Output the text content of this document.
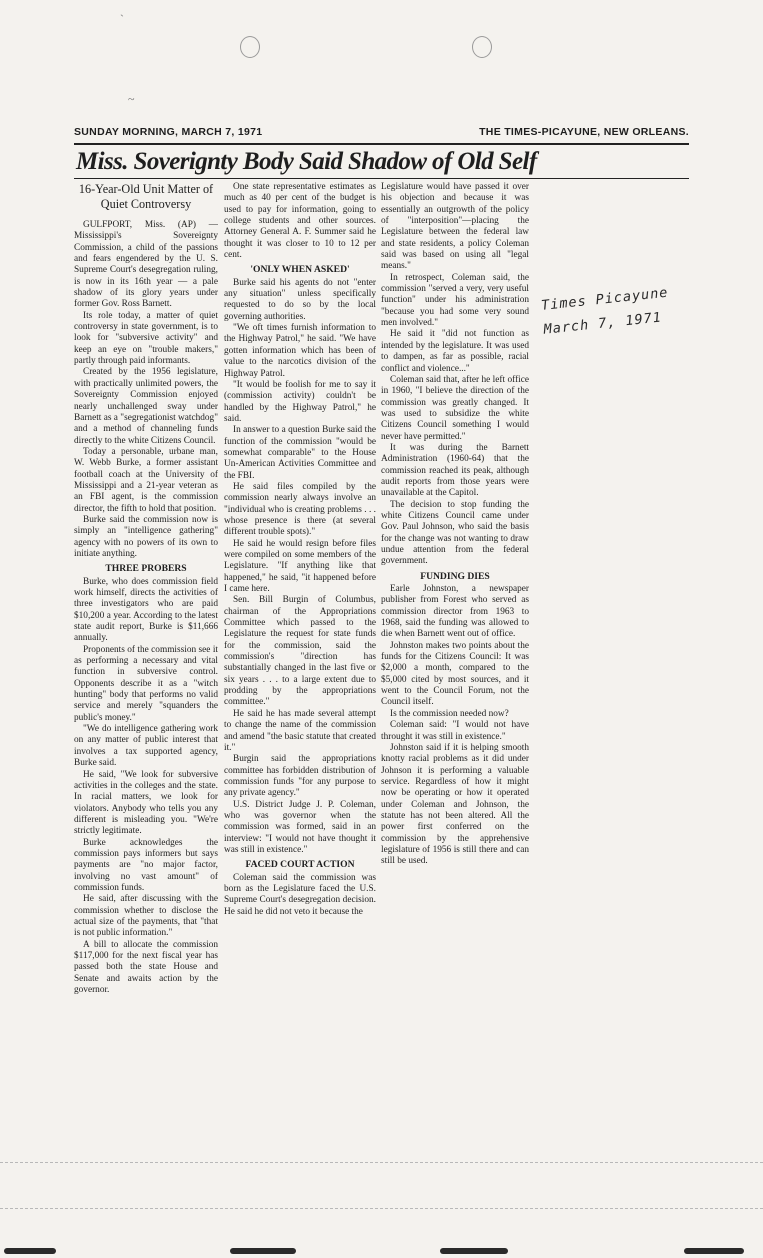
`
~
SUNDAY MORNING, MARCH 7, 1971	THE TIMES-PICAYUNE, NEW ORLEANS.
Miss. Soverignty Body Said Shadow of Old Self

16-Year-Old Unit Matter of Quiet Controversy

GULFPORT, Miss. (AP) — Mississippi's Sovereignty Commission, a child of the passions and fears engendered by the U. S. Supreme Court's desegregation ruling, is now in its 16th year — a pale shadow of its glory years under former Gov. Ross Barnett.

Its role today, a matter of quiet controversy in state government, is to look for "subversive activity" and keep an eye on "trouble makers," partly through paid informants.

Created by the 1956 legislature, with practically unlimited powers, the Sovereignty Commission enjoyed nearly unchallenged sway under Barnett as a "segregationist watchdog" and a method of channeling funds directly to the white Citizens Council.

Today a personable, urbane man, W. Webb Burke, a former assistant football coach at the University of Mississippi and a 21-year veteran as an FBI agent, is the commission director, the fifth to hold that position.

Burke said the commission now is simply an "intelligence gathering" agency with no powers of its own to initiate anything.

THREE PROBERS

Burke, who does commission field work himself, directs the activities of three investigators who are paid $10,200 a year. According to the latest state audit report, Burke is $11,666 annually.

Proponents of the commission see it as performing a necessary and vital function in subversive control. Opponents describe it as a "witch hunting" body that performs no valid service and merely "squanders the public's money."

"We do intelligence gathering work on any matter of public interest that involves a tax supported agency, Burke said.

He said, "We look for subversive activities in the colleges and the state. In racial matters, we look for violators. Anybody who tells you any different is misleading you. "We're strictly legitimate.

Burke acknowledges the commission pays informers but says payments are "no major factor, involving no vast amount" of commission funds.

He said, after discussing with the commission whether to disclose the actual size of the payments, that "that is not public information."

A bill to allocate the commission $117,000 for the next fiscal year has passed both the state House and Senate and awaits action by the governor.

One state representative estimates as much as 40 per cent of the budget is used to pay for information, going to college students and other sources. Attorney General A. F. Summer said he thought it was closer to 10 to 12 per cent.

'ONLY WHEN ASKED'

Burke said his agents do not "enter any situation" unless specifically requested to do so by the local governing authorities.

"We oft times furnish information to the Highway Patrol," he said. "We have gotten information which has been of value to the narcotics division of the Highway Patrol.

"It would be foolish for me to say it (commission activity) couldn't be handled by the Highway Patrol," he said.

In answer to a question Burke said the function of the commission "would be somewhat comparable" to the House Un-American Activities Committee and the FBI.

He said files compiled by the commission nearly always involve an "individual who is creating problems . . . whose presence is there (at several different trouble spots)."

He said he would resign before files were compiled on some members of the Legislature. "If anything like that happened," he said, "it happened before I came here.

Sen. Bill Burgin of Columbus, chairman of the Appropriations Committee which passed to the Legislature the request for state funds for the commission, said the commission's "direction has substantially changed in the last five or six years . . . to a large extent due to prodding by the appropriations committee."

He said he has made several attempt to change the name of the commission and amend "the basic statute that created it."

Burgin said the appropriations committee has forbidden distribution of commission funds "for any purpose to any private agency."

U.S. District Judge J. P. Coleman, who was governor when the commission was formed, said in an interview: "I would not have thought it was still in existence."

FACED COURT ACTION

Coleman said the commission was born as the Legislature faced the U.S. Supreme Court's desegregation decision. He said he did not veto it because the

Legislature would have passed it over his objection and because it was essentially an outgrowth of the policy of "interposition"—placing the Legislature between the federal law and state residents, a policy Coleman said was based on using all "legal means."

In retrospect, Coleman said, the commission "served a very, very useful function" under his administration "because you had some very sound men involved."

He said it "did not function as intended by the legislature. It was used to dampen, as far as possible, racial conflict and violence..."

Coleman said that, after he left office in 1960, "I believe the direction of the commission was greatly changed. It was used to subsidize the white Citizens Council something I would never have permitted."

It was during the Barnett Administration (1960-64) that the commission reached its peak, although audit reports from those years were unavailable at the Capitol.

The decision to stop funding the white Citizens Council came under Gov. Paul Johnson, who said the basis for the change was not wanting to draw undue attention from the federal government.

FUNDING DIES

Earle Johnston, a newspaper publisher from Forest who served as commission director from 1963 to 1968, said the funding was allowed to die when Barnett went out of office.

Johnston makes two points about the funds for the Citizens Council: It was $2,000 a month, compared to the $5,000 cited by most sources, and it went to the Council Forum, not the Council itself.

Is the commission needed now?

Coleman said: "I would not have throught it was still in existence."

Johnston said if it is helping smooth knotty racial problems as it did under Johnson it is performing a valuable service. Regardless of how it might now be operating or how it operated under Coleman and Johnson, the statute has not been altered. All the power first conferred on the commission by the apprehensive legislature of 1956 is still there and can still be used.

Times Picayune
March 7, 1971
